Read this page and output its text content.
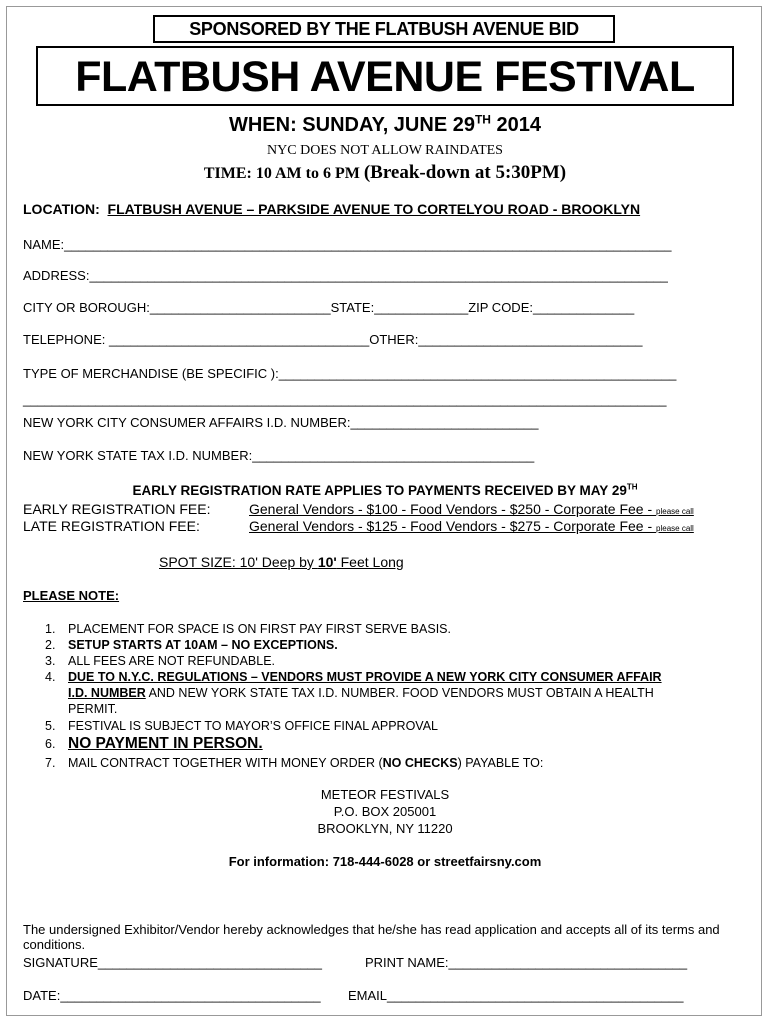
SPONSORED BY THE FLATBUSH AVENUE BID
FLATBUSH AVENUE FESTIVAL
WHEN: SUNDAY, JUNE 29TH 2014
NYC DOES NOT ALLOW RAINDATES
TIME: 10 AM to 6 PM (Break-down at 5:30PM)
LOCATION: FLATBUSH AVENUE – PARKSIDE AVENUE TO CORTELYOU ROAD - BROOKLYN
NAME:____________________________________________________________________________________
ADDRESS:________________________________________________________________________________
CITY OR BOROUGH:_________________________STATE:_____________ZIP CODE:______________
TELEPHONE: ____________________________________OTHER:_______________________________
TYPE OF MERCHANDISE (BE SPECIFIC ):_______________________________________________________
_________________________________________________________________________________________
NEW YORK CITY CONSUMER AFFAIRS I.D. NUMBER:__________________________
NEW YORK STATE TAX I.D. NUMBER:_______________________________________
EARLY REGISTRATION RATE APPLIES TO PAYMENTS RECEIVED BY MAY 29TH
EARLY REGISTRATION FEE:	General Vendors - $100 - Food Vendors - $250 - Corporate Fee - please call
LATE REGISTRATION FEE:	General Vendors - $125 - Food Vendors - $275 - Corporate Fee - please call
SPOT SIZE: 10' Deep by 10' Feet Long
PLEASE NOTE:
1. PLACEMENT FOR SPACE IS ON FIRST PAY FIRST SERVE BASIS.
2. SETUP STARTS AT 10AM – NO EXCEPTIONS.
3. ALL FEES ARE NOT REFUNDABLE.
4. DUE TO N.Y.C. REGULATIONS – VENDORS MUST PROVIDE A NEW YORK CITY CONSUMER AFFAIR
I.D. NUMBER AND NEW YORK STATE TAX I.D. NUMBER. FOOD VENDORS MUST OBTAIN A HEALTH
PERMIT.
5. FESTIVAL IS SUBJECT TO MAYOR’S OFFICE FINAL APPROVAL
6. NO PAYMENT IN PERSON.
7. MAIL CONTRACT TOGETHER WITH MONEY ORDER (NO CHECKS) PAYABLE TO:
METEOR FESTIVALS
P.O. BOX 205001
BROOKLYN, NY 11220
For information: 718-444-6028 or streetfairsny.com
The undersigned Exhibitor/Vendor hereby acknowledges that he/she has read application and accepts all of its terms and conditions.
SIGNATURE_______________________________	PRINT NAME:_________________________________
DATE:____________________________________ EMAIL_________________________________________
